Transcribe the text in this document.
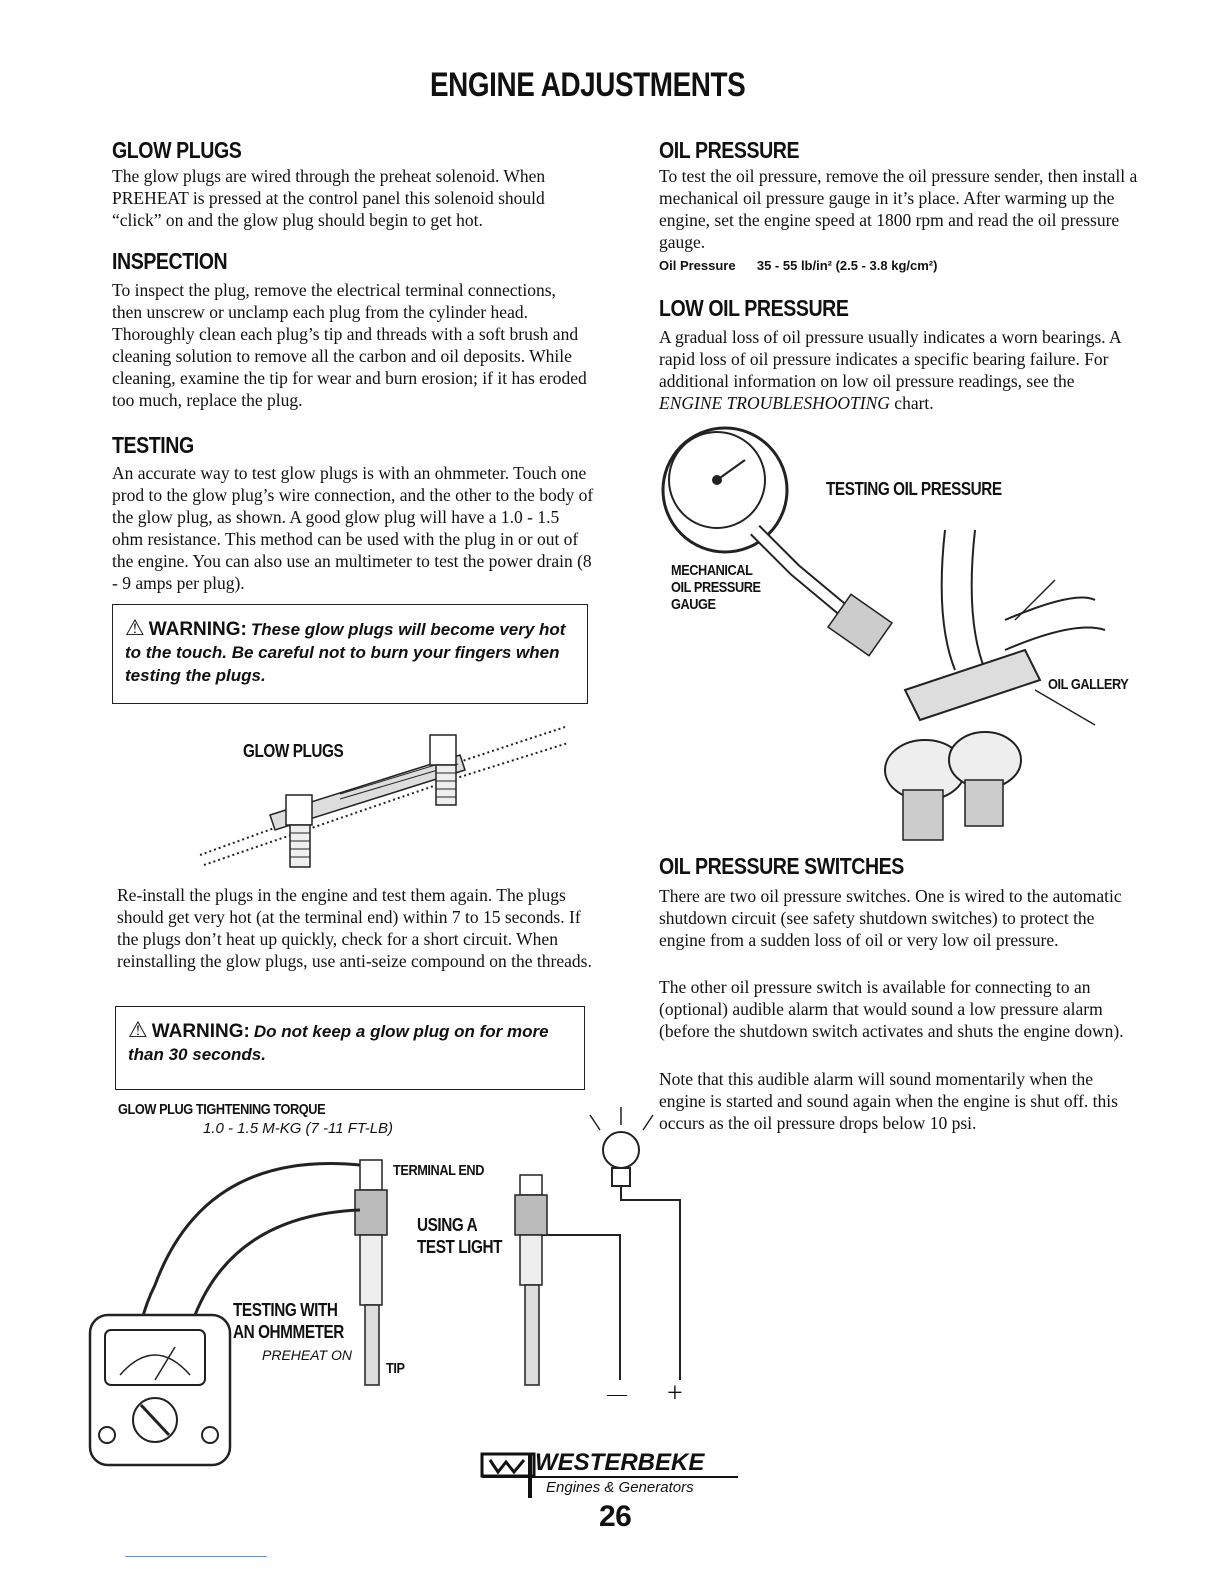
ENGINE ADJUSTMENTS
GLOW PLUGS
The glow plugs are wired through the preheat solenoid. When PREHEAT is pressed at the control panel this solenoid should “click” on and the glow plug should begin to get hot.
INSPECTION
To inspect the plug, remove the electrical terminal connections, then unscrew or unclamp each plug from the cylinder head. Thoroughly clean each plug’s tip and threads with a soft brush and cleaning solution to remove all the carbon and oil deposits. While cleaning, examine the tip for wear and burn erosion; if it has eroded too much, replace the plug.
TESTING
An accurate way to test glow plugs is with an ohmmeter. Touch one prod to the glow plug’s wire connection, and the other to the body of the glow plug, as shown. A good glow plug will have a 1.0 - 1.5 ohm resistance. This method can be used with the plug in or out of the engine. You can also use an multimeter to test the power drain (8 - 9 amps per plug).
⚠ WARNING: These glow plugs will become very hot to the touch. Be careful not to burn your fingers when testing the plugs.
GLOW PLUGS
Re-install the plugs in the engine and test them again. The plugs should get very hot (at the terminal end) within 7 to 15 seconds. If the plugs don’t heat up quickly, check for a short circuit. When reinstalling the glow plugs, use anti-seize compound on the threads.
⚠ WARNING: Do not keep a glow plug on for more than 30 seconds.
GLOW PLUG TIGHTENING TORQUE
1.0 - 1.5 M-KG (7 -11 FT-LB)
OIL PRESSURE
To test the oil pressure, remove the oil pressure sender, then install a mechanical oil pressure gauge in it’s place. After warming up the engine, set the engine speed at 1800 rpm and read the oil pressure gauge.
Oil Pressure 35 - 55 lb/in² (2.5 - 3.8 kg/cm²)
LOW OIL PRESSURE
A gradual loss of oil pressure usually indicates a worn bearings. A rapid loss of oil pressure indicates a specific bearing failure. For additional information on low oil pressure readings, see the ENGINE TROUBLESHOOTING chart.
TESTING OIL PRESSURE
MECHANICAL
OIL PRESSURE
GAUGE
OIL GALLERY
OIL PRESSURE SWITCHES
There are two oil pressure switches. One is wired to the automatic shutdown circuit (see safety shutdown switches) to protect the engine from a sudden loss of oil or very low oil pressure.
The other oil pressure switch is available for connecting to an (optional) audible alarm that would sound a low pressure alarm (before the shutdown switch activates and shuts the engine down).
Note that this audible alarm will sound momentarily when the engine is started and sound again when the engine is shut off. this occurs as the oil pressure drops below 10 psi.
TERMINAL END
USING A
TEST LIGHT
TESTING WITH
AN OHMMETER
PREHEAT ON
TIP
— +
WESTERBEKE
Engines & Generators
26
